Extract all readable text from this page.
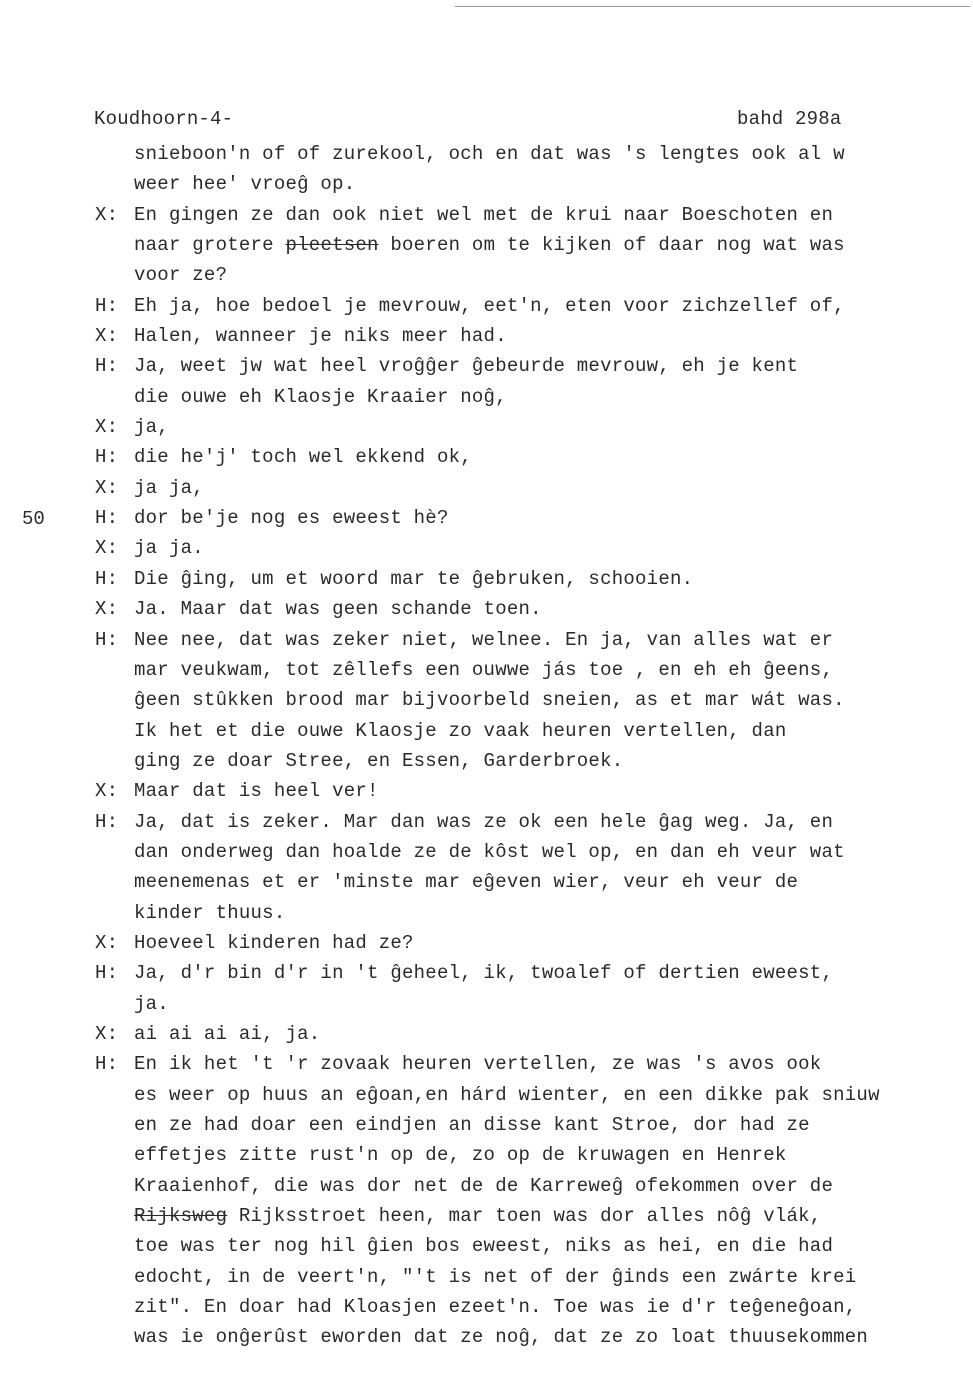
Koudhoorn-4-	bahd 298a
50
snieboon'n of of zurekool, och en dat was 's lengtes ook al w
weer hee' vroeĝ op.
X: En gingen ze dan ook niet wel met de krui naar Boeschoten en
naar grotere pleetsen boeren om te kijken of daar nog wat was
voor ze?
H: Eh ja, hoe bedoel je mevrouw, eet'n, eten voor zichzellef of,
X: Halen, wanneer je niks meer had.
H: Ja, weet jw wat heel vroĝĝer ĝebeurde mevrouw, eh je kent
die ouwe eh Klaosje Kraaier noĝ,
X: ja,
H: die he'j' toch wel ekkend ok,
X: ja ja,
H: dor be'je nog es eweest hè?
X: ja ja.
H: Die ĝing, um et woord mar te ĝebruken, schooien.
X: Ja. Maar dat was geen schande toen.
H: Nee nee, dat was zeker niet, welnee. En ja, van alles wat er
mar veukwam, tot zêllefs een ouwwe jás toe , en eh eh ĝeens,
ĝeen stûkken brood mar bijvoorbeld sneien, as et mar wát was.
Ik het et die ouwe Klaosje zo vaak heuren vertellen, dan
ging ze doar Stree, en Essen, Garderbroek.
X: Maar dat is heel ver!
H: Ja, dat is zeker. Mar dan was ze ok een hele ĝag weg. Ja, en
dan onderweg dan hoalde ze de kôst wel op, en dan eh veur wat
meenemenas et er 'minste mar eĝeven wier, veur eh veur de
kinder thuus.
X: Hoeveel kinderen had ze?
H: Ja, d'r bin d'r in 't ĝeheel, ik, twoalef of dertien eweest,
ja.
X: ai ai ai ai, ja.
H: En ik het 't 'r zovaak heuren vertellen, ze was 's avos ook
es weer op huus an eĝoan,en hárd wienter, en een dikke pak sniuw
en ze had doar een eindjen an disse kant Stroe, dor had ze
effetjes zitte rust'n op de, zo op de kruwagen en Henrek
Kraaienhof, die was dor net de de Karreweĝ ofekommen over de
Rijksweg Rijksstroet heen, mar toen was dor alles nôĝ vlák,
toe was ter nog hil ĝien bos eweest, niks as hei, en die had
edocht, in de veert'n, "'t is net of der ĝinds een zwárte krei
zit". En doar had Kloasjen ezeet'n. Toe was ie d'r teĝeneĝoan,
was ie onĝerûst eworden dat ze noĝ, dat ze zo loat thuusekommen
